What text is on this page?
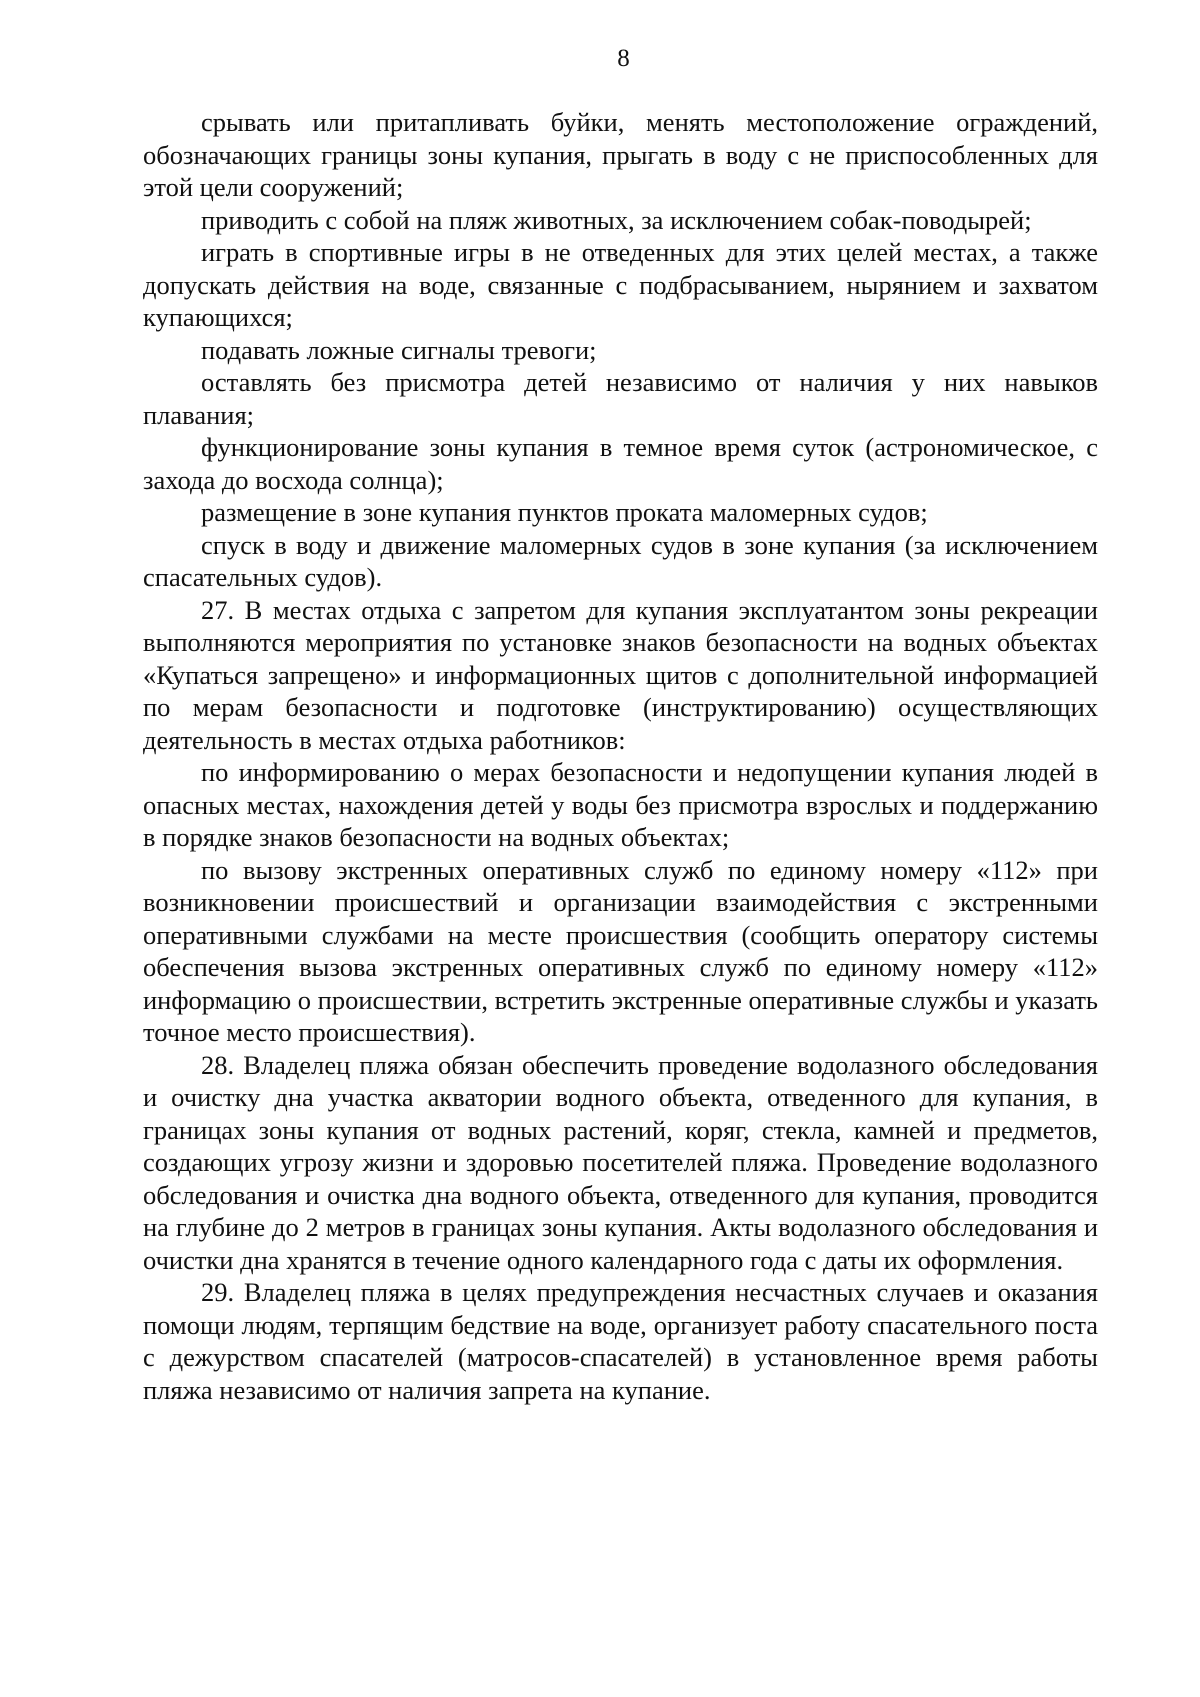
8

срывать или притапливать буйки, менять местоположение ограждений, обозначающих границы зоны купания, прыгать в воду с не приспособленных для этой цели сооружений;

приводить с собой на пляж животных, за исключением собак-поводырей;

играть в спортивные игры в не отведенных для этих целей местах, а также допускать действия на воде, связанные с подбрасыванием, нырянием и захватом купающихся;

подавать ложные сигналы тревоги;

оставлять без присмотра детей независимо от наличия у них навыков плавания;

функционирование зоны купания в темное время суток (астрономическое, с захода до восхода солнца);

размещение в зоне купания пунктов проката маломерных судов;

спуск в воду и движение маломерных судов в зоне купания (за исключением спасательных судов).

27. В местах отдыха с запретом для купания эксплуатантом зоны рекреации выполняются мероприятия по установке знаков безопасности на водных объектах «Купаться запрещено» и информационных щитов с дополнительной информацией по мерам безопасности и подготовке (инструктированию) осуществляющих деятельность в местах отдыха работников:

по информированию о мерах безопасности и недопущении купания людей в опасных местах, нахождения детей у воды без присмотра взрослых и поддержанию в порядке знаков безопасности на водных объектах;

по вызову экстренных оперативных служб по единому номеру «112» при возникновении происшествий и организации взаимодействия с экстренными оперативными службами на месте происшествия (сообщить оператору системы обеспечения вызова экстренных оперативных служб по единому номеру «112» информацию о происшествии, встретить экстренные оперативные службы и указать точное место происшествия).

28. Владелец пляжа обязан обеспечить проведение водолазного обследования и очистку дна участка акватории водного объекта, отведенного для купания, в границах зоны купания от водных растений, коряг, стекла, камней и предметов, создающих угрозу жизни и здоровью посетителей пляжа. Проведение водолазного обследования и очистка дна водного объекта, отведенного для купания, проводится на глубине до 2 метров в границах зоны купания. Акты водолазного обследования и очистки дна хранятся в течение одного календарного года с даты их оформления.

29. Владелец пляжа в целях предупреждения несчастных случаев и оказания помощи людям, терпящим бедствие на воде, организует работу спасательного поста с дежурством спасателей (матросов-спасателей) в установленное время работы пляжа независимо от наличия запрета на купание.
